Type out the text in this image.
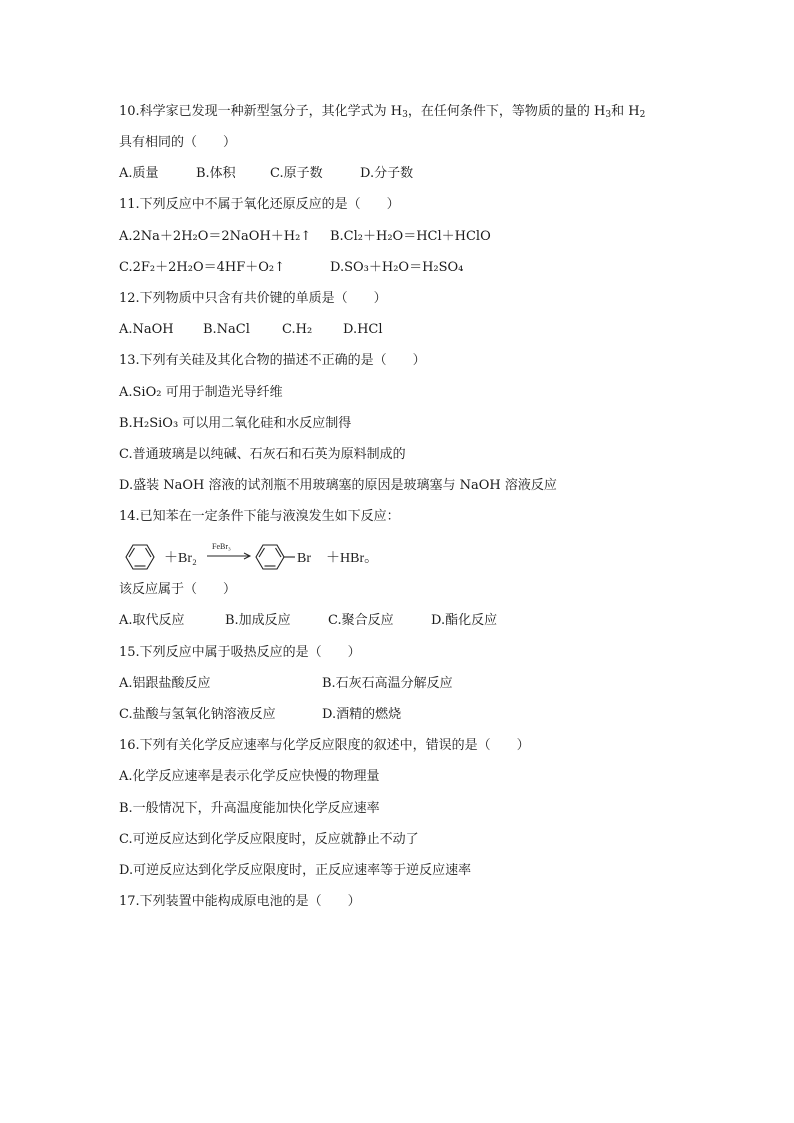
10.科学家已发现一种新型氢分子，其化学式为 $H_3$，在任何条件下，等物质的量的 $H_3$和 $H_2$
具有相同的（　　）
A.质量	B.体积	C.原子数	D.分子数
11.下列反应中不属于氧化还原反应的是（　　）
A.2Na＋2H₂O＝2NaOH＋H₂↑ B.Cl₂＋H₂O＝HCl＋HClO
C.2F₂＋2H₂O＝4HF＋O₂↑	D.SO₃＋H₂O＝H₂SO₄
12.下列物质中只含有共价键的单质是（　　）
A.NaOH B.NaCl C.H₂ D.HCl
13.下列有关硅及其化合物的描述不正确的是（　　）
A.SiO₂ 可用于制造光导纤维
B.H₂SiO₃ 可以用二氧化硅和水反应制得
C.普通玻璃是以纯碱、石灰石和石英为原料制成的
D.盛装 NaOH 溶液的试剂瓶不用玻璃塞的原因是玻璃塞与 NaOH 溶液反应
14.已知苯在一定条件下能与液溴发生如下反应：
＋Br₂
FeBr₃
Br ＋HBr。
该反应属于（　　）
A.取代反应	B.加成反应	C.聚合反应	D.酯化反应
15.下列反应中属于吸热反应的是（　　）
A.铝跟盐酸反应	B.石灰石高温分解反应
C.盐酸与氢氧化钠溶液反应	D.酒精的燃烧
16.下列有关化学反应速率与化学反应限度的叙述中，错误的是（　　）
A.化学反应速率是表示化学反应快慢的物理量
B.一般情况下，升高温度能加快化学反应速率
C.可逆反应达到化学反应限度时，反应就静止不动了
D.可逆反应达到化学反应限度时，正反应速率等于逆反应速率
17.下列装置中能构成原电池的是（　　）
